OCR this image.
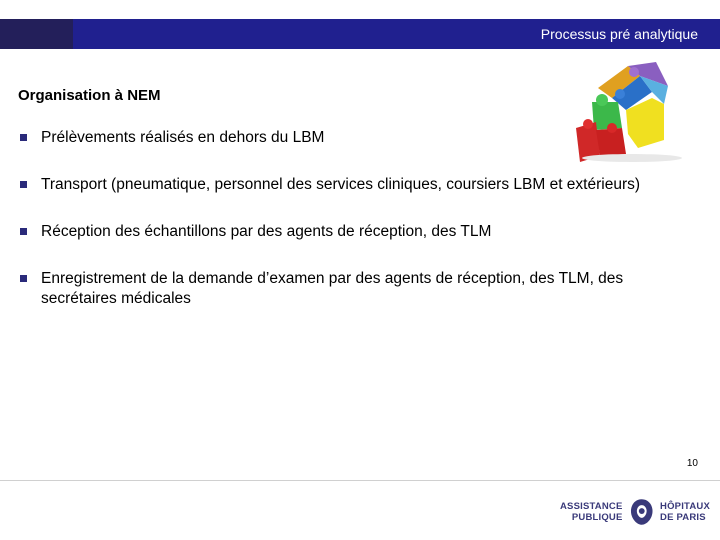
Processus pré analytique
Organisation à NEM
Prélèvements réalisés en dehors du LBM
Transport (pneumatique, personnel des services cliniques, coursiers LBM et extérieurs)
Réception des échantillons par des agents de réception, des TLM
Enregistrement de la demande d’examen par des agents de réception, des TLM, des secrétaires médicales
10
ASSISTANCE
PUBLIQUE
HÔPITAUX
DE PARIS
